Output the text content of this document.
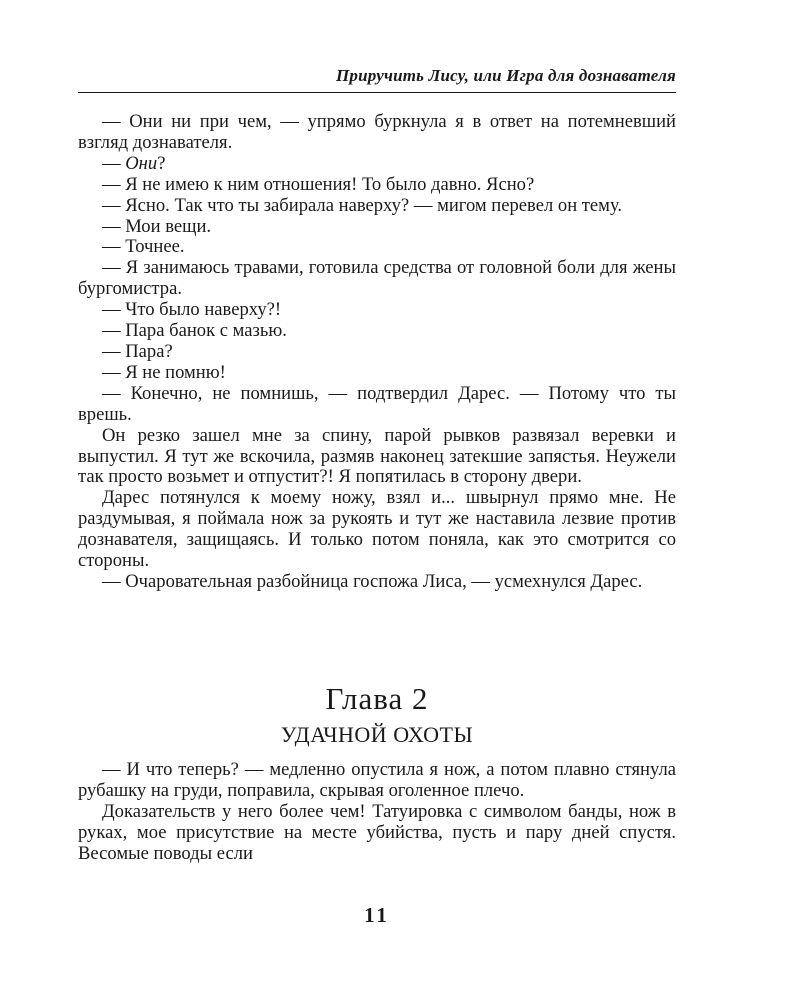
Приручить Лису, или Игра для дознавателя

— Они ни при чем, — упрямо буркнула я в ответ на потемневший взгляд дознавателя.

— Они?

— Я не имею к ним отношения! То было давно. Ясно?

— Ясно. Так что ты забирала наверху? — мигом перевел он тему.

— Мои вещи.

— Точнее.

— Я занимаюсь травами, готовила средства от головной боли для жены бургомистра.

— Что было наверху?!

— Пара банок с мазью.

— Пара?

— Я не помню!

— Конечно, не помнишь, — подтвердил Дарес. — Потому что ты врешь.

Он резко зашел мне за спину, парой рывков развязал веревки и выпустил. Я тут же вскочила, размяв наконец затекшие запястья. Неужели так просто возьмет и отпустит?! Я попятилась в сторону двери.

Дарес потянулся к моему ножу, взял и... швырнул прямо мне. Не раздумывая, я поймала нож за рукоять и тут же наставила лезвие против дознавателя, защищаясь. И только потом поняла, как это смотрится со стороны.

— Очаровательная разбойница госпожа Лиса, — усмехнулся Дарес.

Глава 2
УДАЧНОЙ ОХОТЫ

— И что теперь? — медленно опустила я нож, а потом плавно стянула рубашку на груди, поправила, скрывая оголенное плечо.

Доказательств у него более чем! Татуировка с символом банды, нож в руках, мое присутствие на месте убийства, пусть и пару дней спустя. Весомые поводы если

11
